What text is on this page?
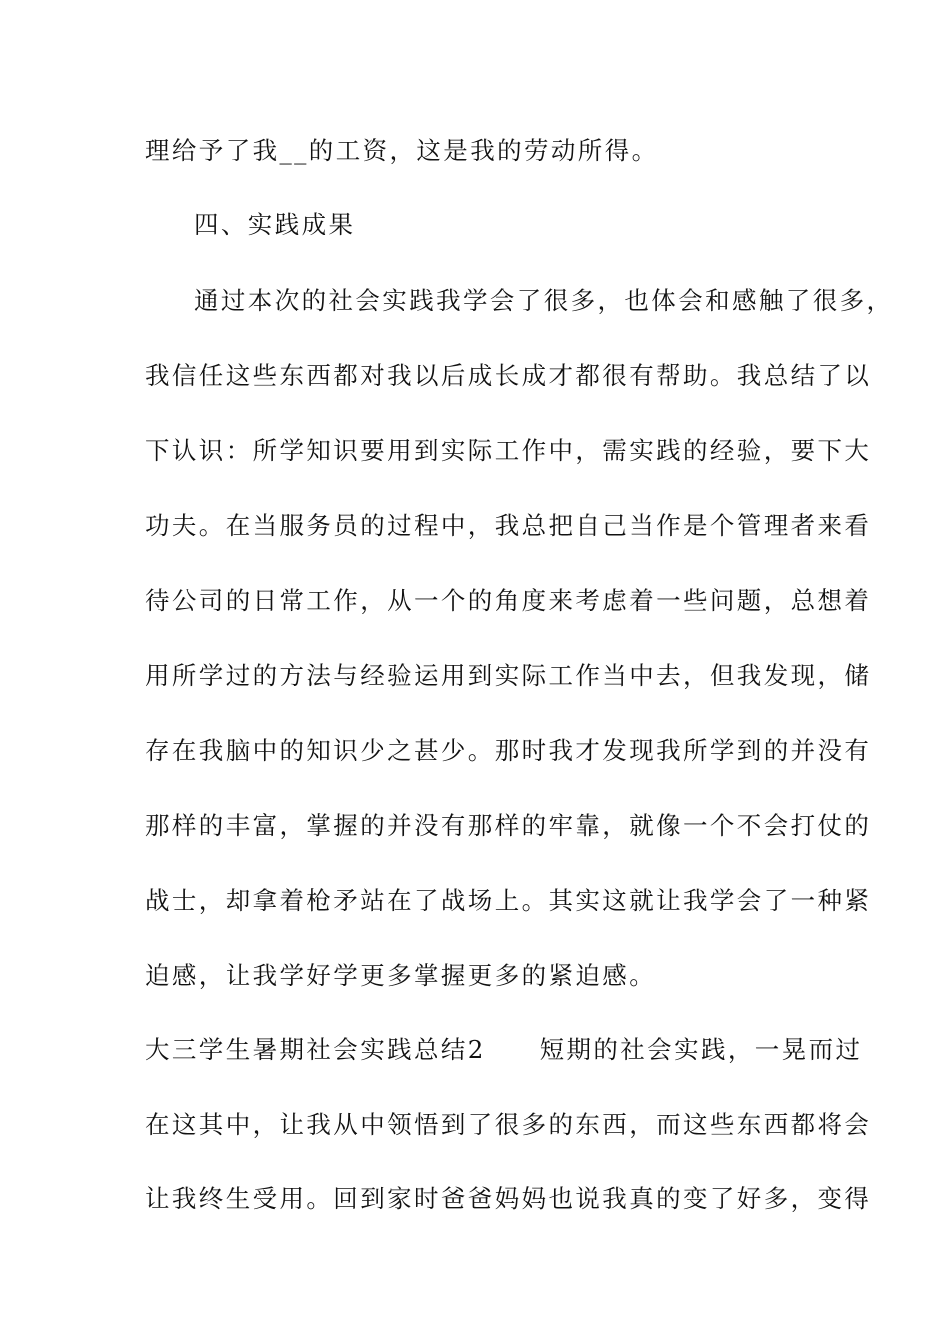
理给予了我__的工资，这是我的劳动所得。
四、实践成果
通过本次的社会实践我学会了很多，也体会和感触了很多，
我信任这些东西都对我以后成长成才都很有帮助。我总结了以
下认识：所学知识要用到实际工作中，需实践的经验，要下大
功夫。在当服务员的过程中，我总把自己当作是个管理者来看
待公司的日常工作，从一个的角度来考虑着一些问题，总想着
用所学过的方法与经验运用到实际工作当中去，但我发现，储
存在我脑中的知识少之甚少。那时我才发现我所学到的并没有
那样的丰富，掌握的并没有那样的牢靠，就像一个不会打仗的
战士，却拿着枪矛站在了战场上。其实这就让我学会了一种紧
迫感，让我学好学更多掌握更多的紧迫感。
大三学生暑期社会实践总结2　　短期的社会实践，一晃而过
在这其中，让我从中领悟到了很多的东西，而这些东西都将会
让我终生受用。回到家时爸爸妈妈也说我真的变了好多，变得
